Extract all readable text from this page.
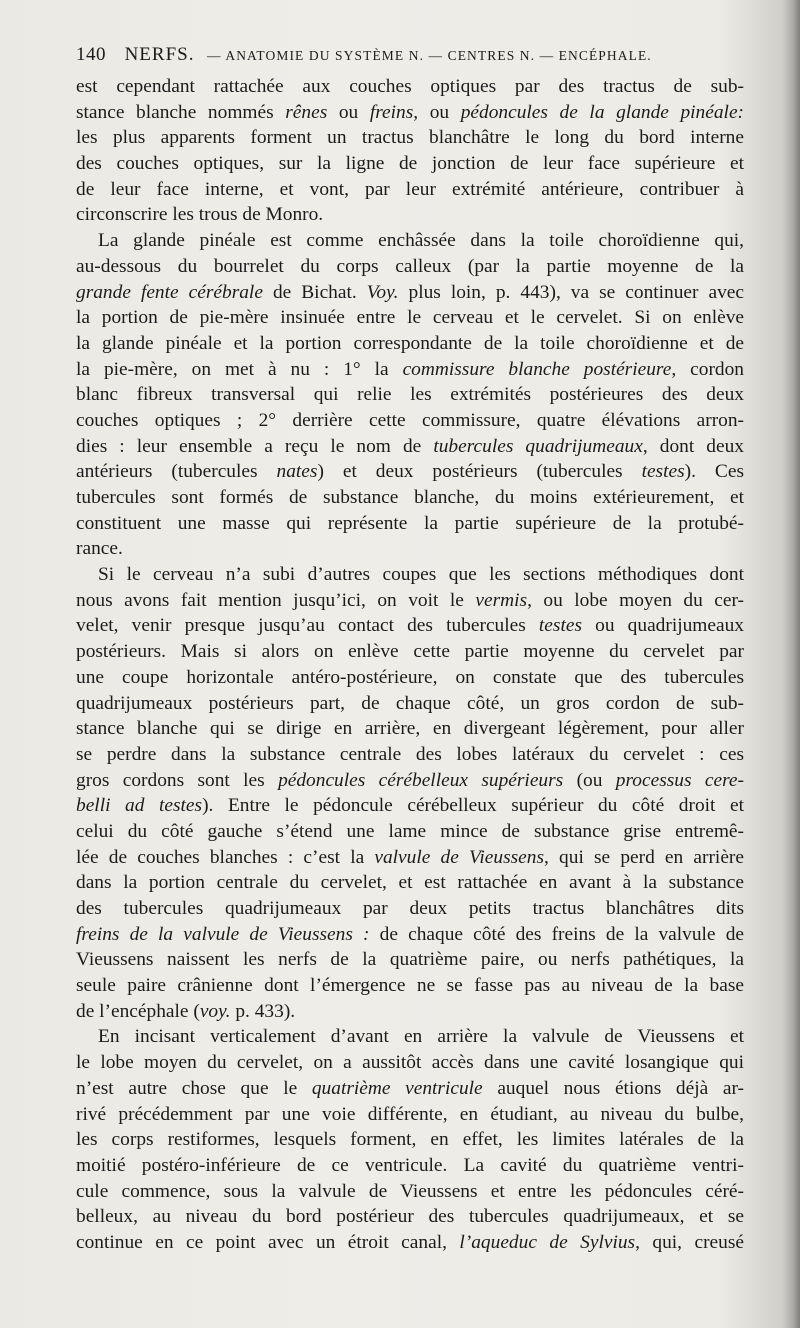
140 NERFS. — ANATOMIE DU SYSTÈME N. — CENTRES N. — ENCÉPHALE.
est cependant rattachée aux couches optiques par des tractus de sub-
stance blanche nommés rênes ou freins, ou pédoncules de la glande pinéale:
les plus apparents forment un tractus blanchâtre le long du bord interne
des couches optiques, sur la ligne de jonction de leur face supérieure et
de leur face interne, et vont, par leur extrémité antérieure, contribuer à
circonscrire les trous de Monro.
La glande pinéale est comme enchâssée dans la toile choroïdienne qui,
au-dessous du bourrelet du corps calleux (par la partie moyenne de la
grande fente cérébrale de Bichat. Voy. plus loin, p. 443), va se continuer avec
la portion de pie-mère insinuée entre le cerveau et le cervelet. Si on enlève
la glande pinéale et la portion correspondante de la toile choroïdienne et de
la pie-mère, on met à nu : 1° la commissure blanche postérieure, cordon
blanc fibreux transversal qui relie les extrémités postérieures des deux
couches optiques ; 2° derrière cette commissure, quatre élévations arron-
dies : leur ensemble a reçu le nom de tubercules quadrijumeaux, dont deux
antérieurs (tubercules nates) et deux postérieurs (tubercules testes). Ces
tubercules sont formés de substance blanche, du moins extérieurement, et
constituent une masse qui représente la partie supérieure de la protubé-
rance.
Si le cerveau n’a subi d’autres coupes que les sections méthodiques dont
nous avons fait mention jusqu’ici, on voit le vermis, ou lobe moyen du cer-
velet, venir presque jusqu’au contact des tubercules testes ou quadrijumeaux
postérieurs. Mais si alors on enlève cette partie moyenne du cervelet par
une coupe horizontale antéro-postérieure, on constate que des tubercules
quadrijumeaux postérieurs part, de chaque côté, un gros cordon de sub-
stance blanche qui se dirige en arrière, en divergeant légèrement, pour aller
se perdre dans la substance centrale des lobes latéraux du cervelet : ces
gros cordons sont les pédoncules cérébelleux supérieurs (ou processus cere-
belli ad testes). Entre le pédoncule cérébelleux supérieur du côté droit et
celui du côté gauche s’étend une lame mince de substance grise entremê-
lée de couches blanches : c’est la valvule de Vieussens, qui se perd en arrière
dans la portion centrale du cervelet, et est rattachée en avant à la substance
des tubercules quadrijumeaux par deux petits tractus blanchâtres dits
freins de la valvule de Vieussens : de chaque côté des freins de la valvule de
Vieussens naissent les nerfs de la quatrième paire, ou nerfs pathétiques, la
seule paire crânienne dont l’émergence ne se fasse pas au niveau de la base
de l’encéphale (voy. p. 433).
En incisant verticalement d’avant en arrière la valvule de Vieussens et
le lobe moyen du cervelet, on a aussitôt accès dans une cavité losangique qui
n’est autre chose que le quatrième ventricule auquel nous étions déjà ar-
rivé précédemment par une voie différente, en étudiant, au niveau du bulbe,
les corps restiformes, lesquels forment, en effet, les limites latérales de la
moitié postéro-inférieure de ce ventricule. La cavité du quatrième ventri-
cule commence, sous la valvule de Vieussens et entre les pédoncules céré-
belleux, au niveau du bord postérieur des tubercules quadrijumeaux, et se
continue en ce point avec un étroit canal, l’aqueduc de Sylvius, qui, creusé
